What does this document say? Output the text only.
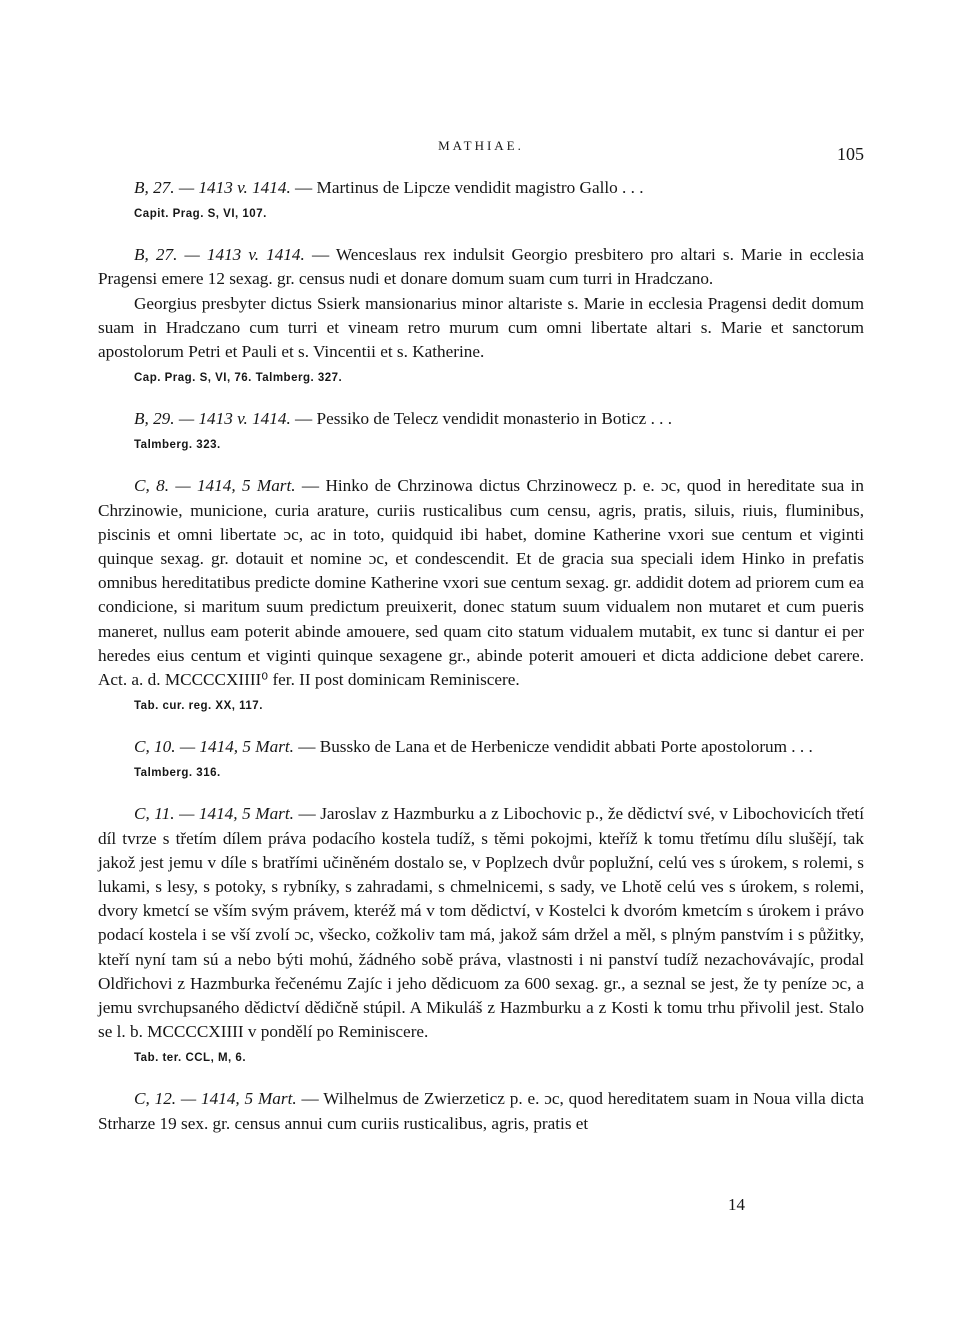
MATHIAE.	105

B, 27. — 1413 v. 1414. — Martinus de Lipcze vendidit magistro Gallo . . .

Capit. Prag. S, VI, 107.

B, 27. — 1413 v. 1414. — Wenceslaus rex indulsit Georgio presbitero pro altari s. Marie in ecclesia Pragensi emere 12 sexag. gr. census nudi et donare domum suam cum turri in Hradczano.

Georgius presbyter dictus Ssierk mansionarius minor altariste s. Marie in ecclesia Pragensi dedit domum suam in Hradczano cum turri et vineam retro murum cum omni libertate altari s. Marie et sanctorum apostolorum Petri et Pauli et s. Vincentii et s. Katherine.

Cap. Prag. S, VI, 76. Talmberg. 327.

B, 29. — 1413 v. 1414. — Pessiko de Telecz vendidit monasterio in Boticz . . .

Talmberg. 323.

C, 8. — 1414, 5 Mart. — Hinko de Chrzinowa dictus Chrzinowecz p. e. ɔc, quod in hereditate sua in Chrzinowie, municione, curia arature, curiis rusticalibus cum censu, agris, pratis, siluis, riuis, fluminibus, piscinis et omni libertate ɔc, ac in toto, quidquid ibi habet, domine Katherine vxori sue centum et viginti quinque sexag. gr. dotauit et nomine ɔc, et condescendit. Et de gracia sua speciali idem Hinko in prefatis omnibus hereditatibus predicte domine Katherine vxori sue centum sexag. gr. addidit dotem ad priorem cum ea condicione, si maritum suum predictum preuixerit, donec statum suum vidualem non mutaret et cum pueris maneret, nullus eam poterit abinde amouere, sed quam cito statum vidualem mutabit, ex tunc si dantur ei per heredes eius centum et viginti quinque sexagene gr., abinde poterit amoueri et dicta addicione debet carere. Act. a. d. MCCCCXIIII⁰ fer. II post dominicam Reminiscere.

Tab. cur. reg. XX, 117.

C, 10. — 1414, 5 Mart. — Bussko de Lana et de Herbenicze vendidit abbati Porte apostolorum . . .

Talmberg. 316.

C, 11. — 1414, 5 Mart. — Jaroslav z Hazmburku a z Libochovic p., že dědictví své, v Libochovicích třetí díl tvrze s třetím dílem práva podacího kostela tudíž, s těmi pokojmi, kteříž k tomu třetímu dílu slušějí, tak jakož jest jemu v díle s bratřími učiněném dostalo se, v Poplzech dvůr poplužní, celú ves s úrokem, s rolemi, s lukami, s lesy, s potoky, s rybníky, s zahradami, s chmelnicemi, s sady, ve Lhotě celú ves s úrokem, s rolemi, dvory kmetcí se vším svým právem, kteréž má v tom dědictví, v Kostelci k dvoróm kmetcím s úrokem i právo podací kostela i se vší zvolí ɔc, všecko, cožkoliv tam má, jakož sám držel a měl, s plným panstvím i s půžitky, kteří nyní tam sú a nebo býti mohú, žádného sobě práva, vlastnosti i ni panství tudíž nezachovávajíc, prodal Oldřichovi z Hazmburka řečenému Zajíc i jeho dědicuom za 600 sexag. gr., a seznal se jest, že ty peníze ɔc, a jemu svrchupsaného dědictví dědičně stúpil. A Mikuláš z Hazmburku a z Kosti k tomu trhu přivolil jest. Stalo se l. b. MCCCCXIIII v pondělí po Reminiscere.

Tab. ter. CCL, M, 6.

C, 12. — 1414, 5 Mart. — Wilhelmus de Zwierzeticz p. e. ɔc, quod hereditatem suam in Noua villa dicta Strharze 19 sex. gr. census annui cum curiis rusticalibus, agris, pratis et

14
